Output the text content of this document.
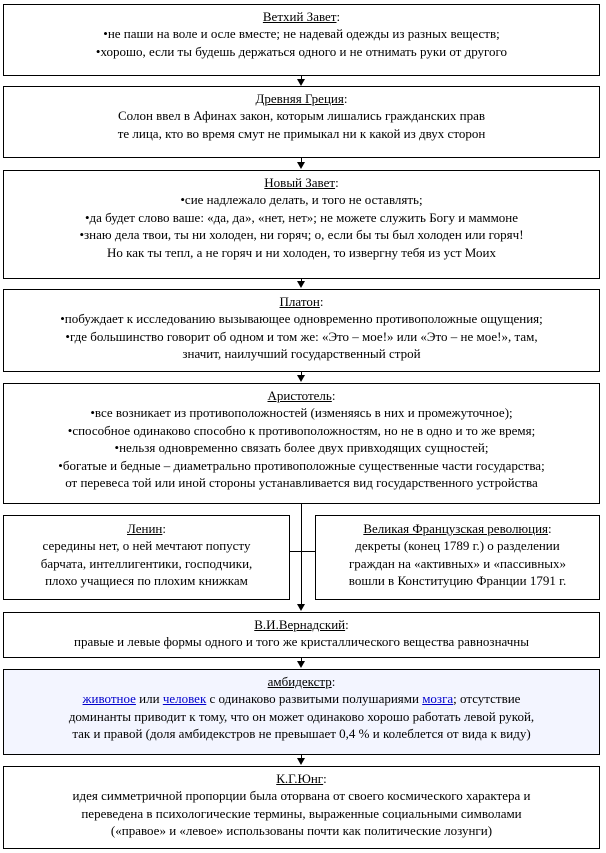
Ветхий Завет:
•не паши на воле и осле вместе; не надевай одежды из разных веществ;
•хорошо, если ты будешь держаться одного и не отнимать руки от другого
Древняя Греция:
Солон ввел в Афинах закон, которым лишались гражданских прав
те лица, кто во время смут не примыкал ни к какой из двух сторон
Новый Завет:
•сие надлежало делать, и того не оставлять;
•да будет слово ваше: «да, да», «нет, нет»; не можете служить Богу и маммоне
•знаю дела твои, ты ни холоден, ни горяч; о, если бы ты был холоден или горяч!
Но как ты тепл, а не горяч и ни холоден, то извергну тебя из уст Моих
Платон:
•побуждает к исследованию вызывающее одновременно противоположные ощущения;
•где большинство говорит об одном и том же: «Это – мое!» или «Это – не мое!», там,
значит, наилучший государственный строй
Аристотель:
•все возникает из противоположностей (изменяясь в них и промежуточное);
•способное одинаково способно к противоположностям, но не в одно и то же время;
•нельзя одновременно связать более двух привходящих сущностей;
•богатые и бедные – диаметрально противоположные существенные части государства;
от перевеса той или иной стороны устанавливается вид государственного устройства
Ленин:
середины нет, о ней мечтают попусту
барчата, интеллигентики, господчики,
плохо учащиеся по плохим книжкам
Великая Французская революция:
декреты (конец 1789 г.) о разделении
граждан на «активных» и «пассивных»
вошли в Конституцию Франции 1791 г.
В.И.Вернадский:
правые и левые формы одного и того же кристаллического вещества равнозначны
амбидекстр:
животное или человек с одинаково развитыми полушариями мозга; отсутствие
доминанты приводит к тому, что он может одинаково хорошо работать левой рукой,
так и правой (доля амбидекстров не превышает 0,4 % и колеблется от вида к виду)
К.Г.Юнг:
идея симметричной пропорции была оторвана от своего космического характера и
переведена в психологические термины, выраженные социальными символами
(«правое» и «левое» использованы почти как политические лозунги)
